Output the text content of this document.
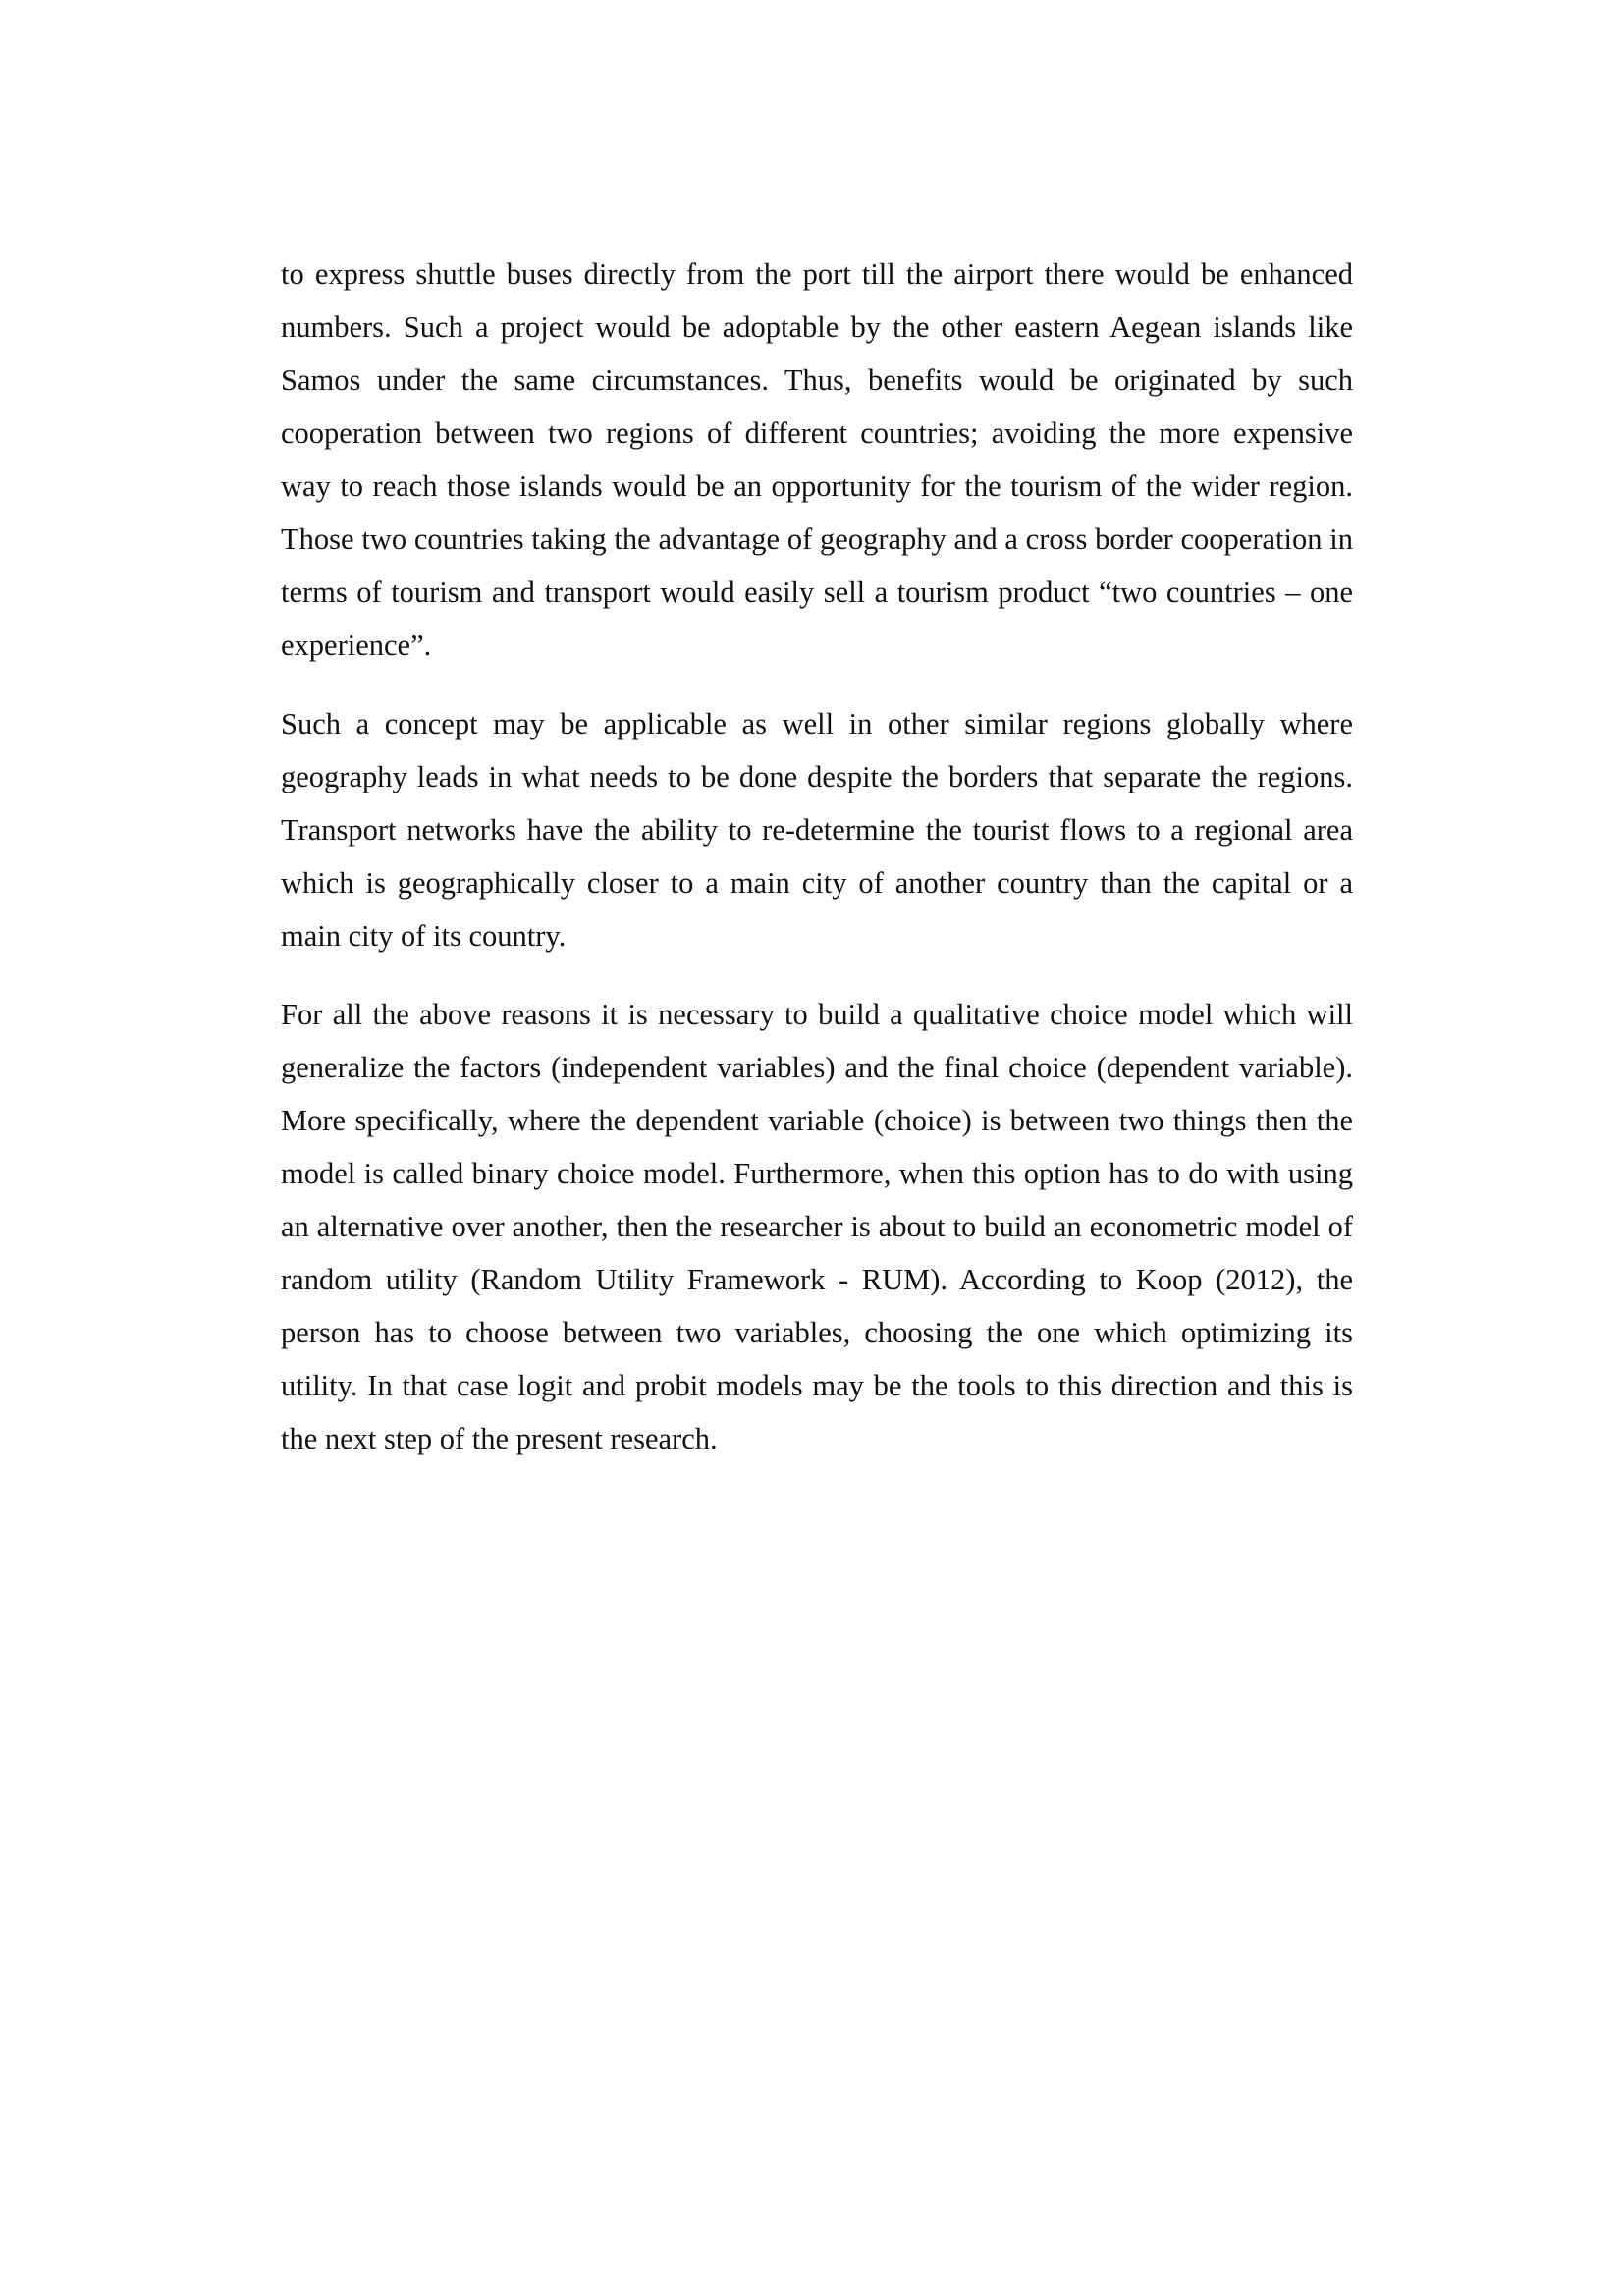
to express shuttle buses directly from the port till the airport there would be enhanced numbers. Such a project would be adoptable by the other eastern Aegean islands like Samos under the same circumstances. Thus, benefits would be originated by such cooperation between two regions of different countries; avoiding the more expensive way to reach those islands would be an opportunity for the tourism of the wider region. Those two countries taking the advantage of geography and a cross border cooperation in terms of tourism and transport would easily sell a tourism product “two countries – one experience”.

Such a concept may be applicable as well in other similar regions globally where geography leads in what needs to be done despite the borders that separate the regions. Transport networks have the ability to re-determine the tourist flows to a regional area which is geographically closer to a main city of another country than the capital or a main city of its country.

For all the above reasons it is necessary to build a qualitative choice model which will generalize the factors (independent variables) and the final choice (dependent variable). More specifically, where the dependent variable (choice) is between two things then the model is called binary choice model. Furthermore, when this option has to do with using an alternative over another, then the researcher is about to build an econometric model of random utility (Random Utility Framework - RUM). According to Koop (2012), the person has to choose between two variables, choosing the one which optimizing its utility. In that case logit and probit models may be the tools to this direction and this is the next step of the present research.
